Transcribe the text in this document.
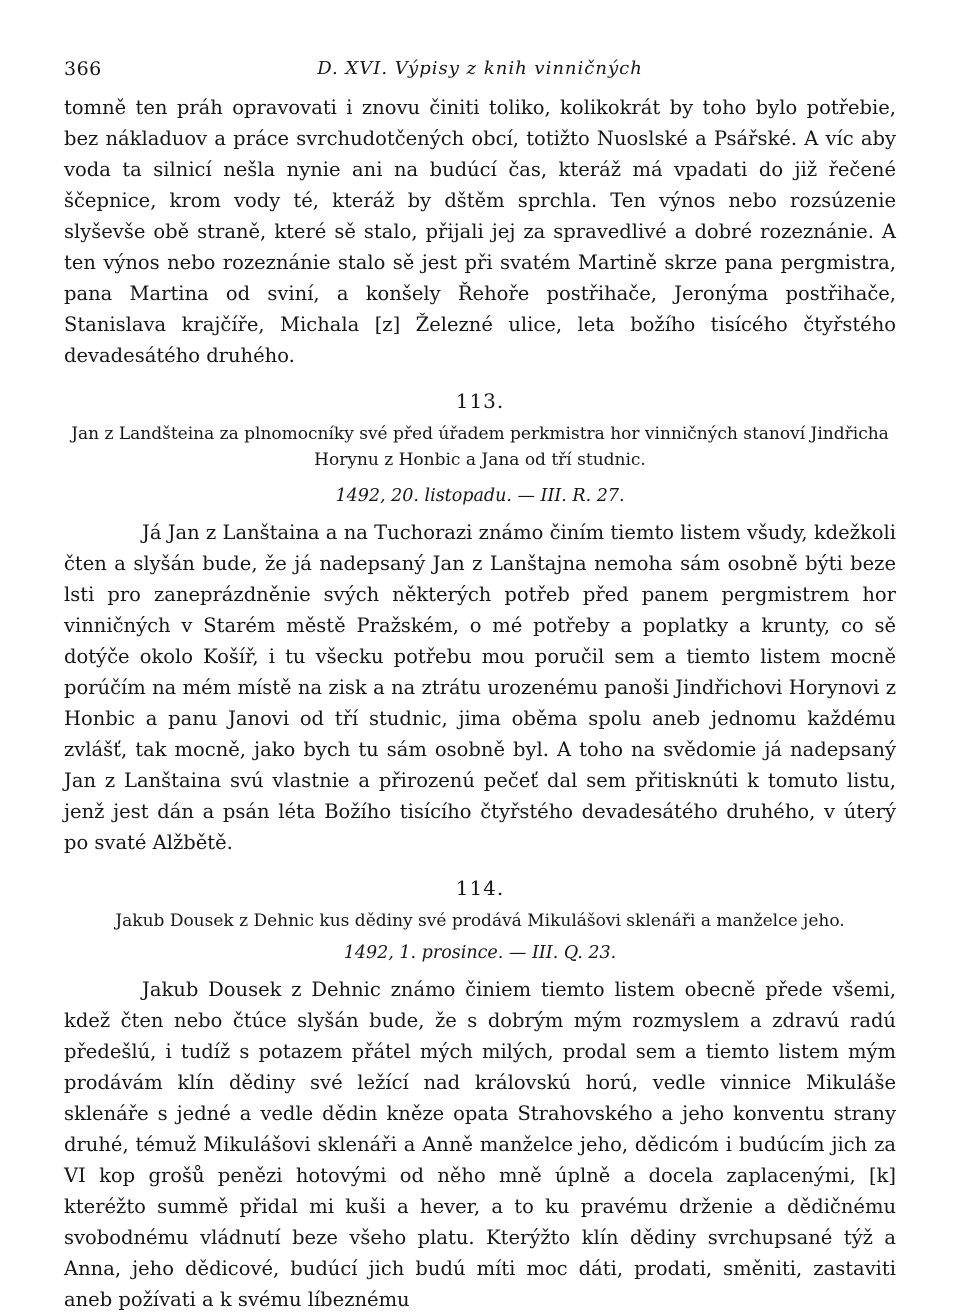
366	D. XVI. Výpisy z knih vinničných

tomně ten práh opravovati i znovu činiti toliko, kolikokrát by toho bylo potřebie, bez nákladuov a práce svrchudotčených obcí, totižto Nuoslské a Psářské. A víc aby voda ta silnicí nešla nynie ani na budúcí čas, kteráž má vpadati do již řečené ščepnice, krom vody té, kteráž by dštěm sprchla. Ten výnos nebo rozsúzenie slyševše obě straně, které sě stalo, přijali jej za spravedlivé a dobré rozeznánie. A ten výnos nebo rozeznánie stalo sě jest při svatém Martině skrze pana pergmistra, pana Martina od sviní, a konšely Řehoře postřihače, Jeronýma postřihače, Stanislava krajčíře, Michala [z] Železné ulice, leta božího tisícého čtyřstého devadesátého druhého.

113.

Jan z Landšteina za plnomocníky své před úřadem perkmistra hor vinničných stanoví Jindřicha Horynu z Honbic a Jana od tří studnic.

1492, 20. listopadu. — III. R. 27.

Já Jan z Lanštaina a na Tuchorazi známo činím tiemto listem všudy, kdežkoli čten a slyšán bude, že já nadepsaný Jan z Lanštajna nemoha sám osobně býti beze lsti pro zaneprázdněnie svých některých potřeb před panem pergmistrem hor vinničných v Starém městě Pražském, o mé potřeby a poplatky a krunty, co sě dotýče okolo Košíř, i tu všecku potřebu mou poručil sem a tiemto listem mocně porúčím na mém místě na zisk a na ztrátu urozenému panoši Jindřichovi Horynovi z Honbic a panu Janovi od tří studnic, jima oběma spolu aneb jednomu každému zvlášť, tak mocně, jako bych tu sám osobně byl. A toho na svědomie já nadepsaný Jan z Lanštaina svú vlastnie a přirozenú pečeť dal sem přitisknúti k tomuto listu, jenž jest dán a psán léta Božího tisícího čtyřstého devadesátého druhého, v úterý po svaté Alžbětě.

114.

Jakub Dousek z Dehnic kus dědiny své prodává Mikulášovi sklenáři a manželce jeho.

1492, 1. prosince. — III. Q. 23.

Jakub Dousek z Dehnic známo činiem tiemto listem obecně přede všemi, kdež čten nebo čtúce slyšán bude, že s dobrým mým rozmyslem a zdravú radú předešlú, i tudíž s potazem přátel mých milých, prodal sem a tiemto listem mým prodávám klín dědiny své ležící nad královskú horú, vedle vinnice Mikuláše sklenáře s jedné a vedle dědin kněze opata Strahovského a jeho konventu strany druhé, témuž Mikulášovi sklenáři a Anně manželce jeho, dědicóm i budúcím jich za VI kop grošů penězi hotovými od něho mně úplně a docela zaplacenými, [k] kteréžto summě přidal mi kuši a hever, a to ku pravému drženie a dědičnému svobodnému vládnutí beze všeho platu. Kterýžto klín dědiny svrchupsané týž a Anna, jeho dědicové, budúcí jich budú míti moc dáti, prodati, směniti, zastaviti aneb požívati a k svému líbeznému
